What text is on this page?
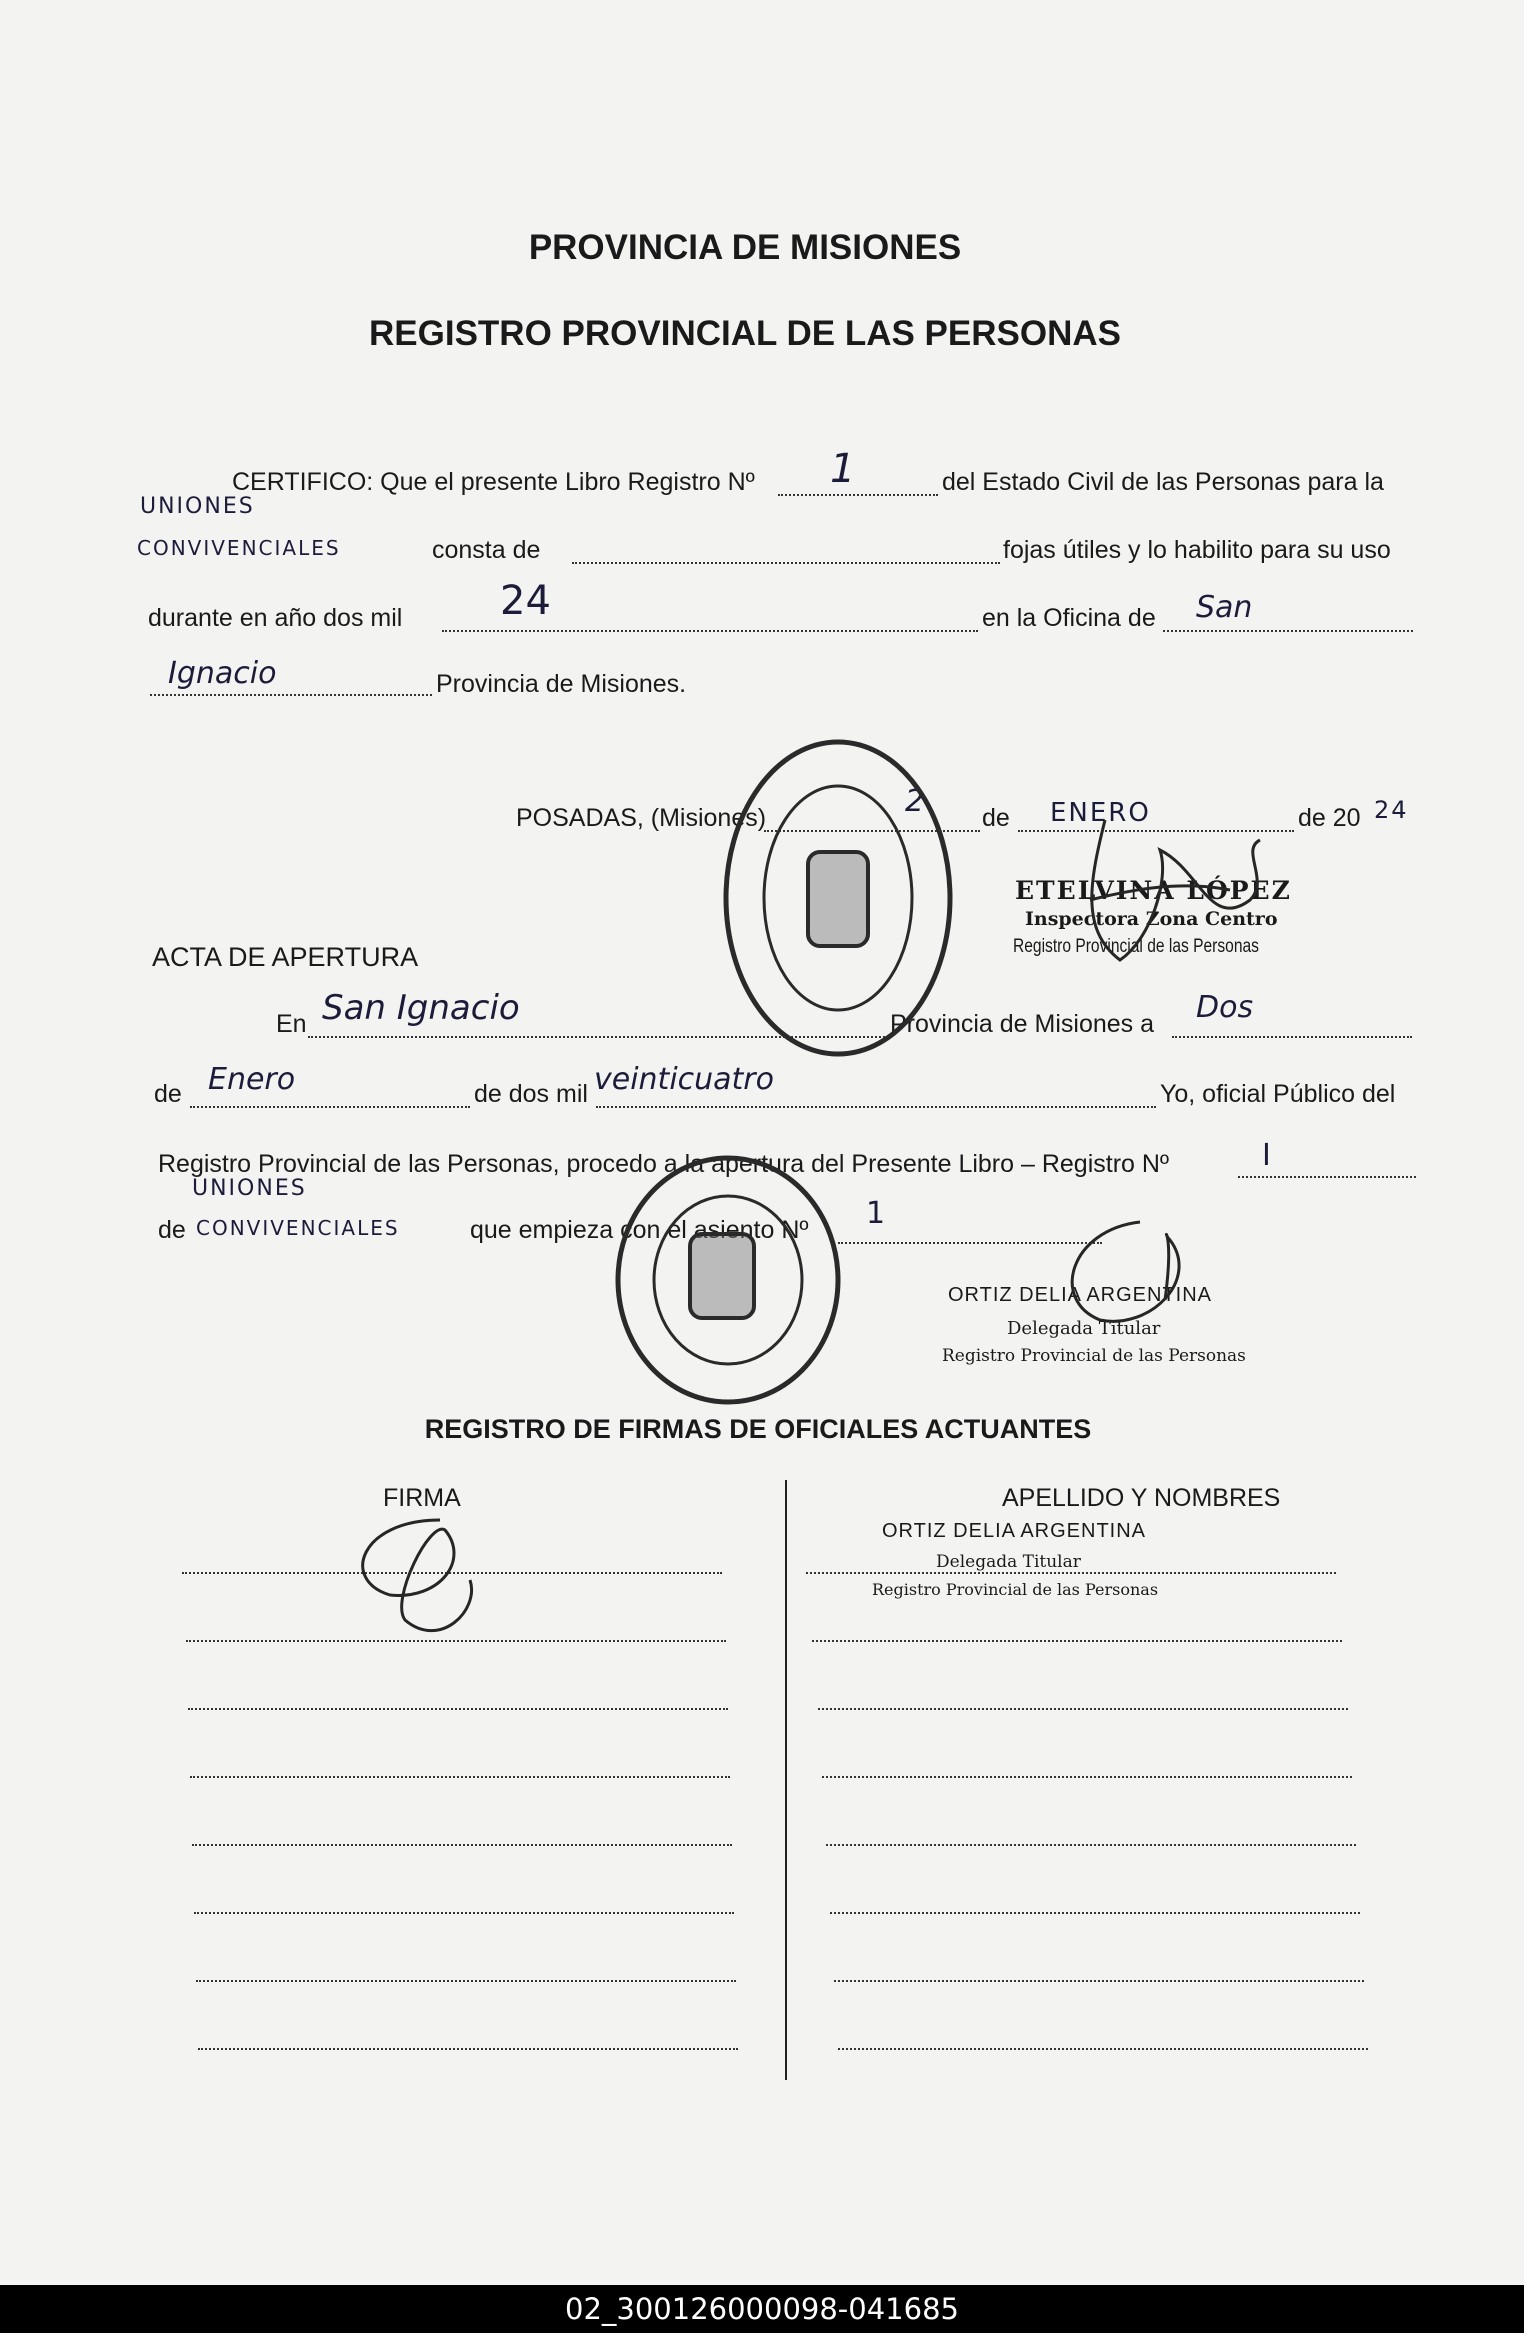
PROVINCIA DE MISIONES
REGISTRO PROVINCIAL DE LAS PERSONAS
CERTIFICO: Que el presente Libro Registro Nº 1	del Estado Civil de las Personas para la
UNIONES
CONVIVENCIALES	consta de	fojas útiles y lo habilito para su uso
durante en año dos mil 24	en la Oficina de San
Ignacio	Provincia de Misiones.
POSADAS, (Misiones)	2 de ENERO	de 20 24
ETELVINA LÓPEZ
Inspectora Zona Centro
Registro Provincial de las Personas
ACTA DE APERTURA
En San Ignacio	Provincia de Misiones a Dos
de Enero	de dos mil veinticuatro	Yo, oficial Público del
Registro Provincial de las Personas, procedo a la apertura del Presente Libro – Registro Nº	I
UNIONES
de CONVIVENCIALES	que empieza con el asiento Nº 1
ORTIZ DELIA ARGENTINA
Delegada Titular
Registro Provincial de las Personas
REGISTRO DE FIRMAS DE OFICIALES ACTUANTES
FIRMA	APELLIDO Y NOMBRES
ORTIZ DELIA ARGENTINA
Delegada Titular
Registro Provincial de las Personas
02_300126000098-041685
